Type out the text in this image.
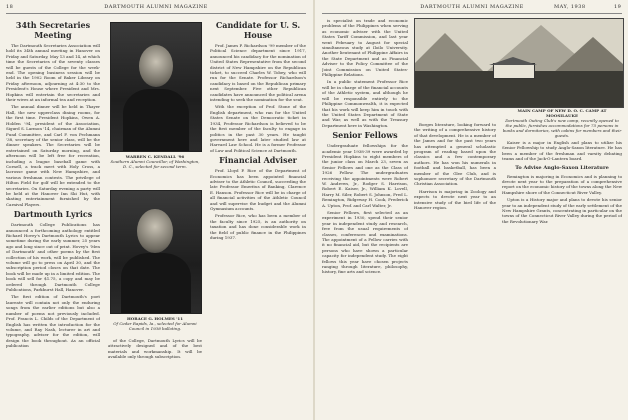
18	DARTMOUTH ALUMNI MAGAZINE
34th Secretaries Meeting

The Dartmouth Secretaries Association will hold its 34th annual meeting in Hanover on Friday and Saturday, May 13 and 14, at which time the Secretaries of the seventy classes will be guests of the College for the week-end. The opening business session will be held in the 1902 Room of Baker Library on Friday afternoon, adjourning at 4:30 to the President's House where President and Mrs. Hopkins will entertain the secretaries and their wives at an informal tea and reception.

The annual dinner will be held in Thayer Hall, the new upperclass dining rooms, for the first time. President Hopkins, Owen A. Holden '94, president of the Association, Sigurd S. Larmon '14, chairman of the Alumni Fund Committee, and Carl F. von Pechmann '38, secretary of the senior class, will be the dinner speakers. The Secretaries will be entertained on Saturday morning, and the afternoon will be left free for recreation, including a league baseball game with Cornell, a track meet with Holy Cross, a lacrosse game with New Hampshire, and various freshman contests. The privilege of Hilton Field for golf will be extended to the secretaries. On Saturday evening a party will be held at the Hanover Inn Ski Hut, with skating entertainment furnished by the Carnival Players.

Dartmouth Lyrics

Dartmouth College Publications has announced a forthcoming anthology entitled Richard Hovey's Dartmouth Lyrics to appear sometime during the early summer, 25 years ago and long since out of print. Hovey's 'Men of Dartmouth' and other poems by the first collection of his work, will be published. The volume will go to press on April 30, and the subscription period closes on that date. The book will be made up in a limited edition. The book will sell for $1.75, a copy and may be ordered through Dartmouth College Publications, Parkhurst Hall, Hanover.

The first edition of Dartmouth's poet laureate will contain not only the enduring songs from the earlier editions but also a number of poems not previously included. Prof. Francis L. Childs of the Department of English has written the introduction for the volume, and Ray Nash, lecturer in art and typography, adviser for the edition, will design the book throughout. As an official publication

WARREN C. KENDALL '96
Southern Alumni Councillor, of Washington, D. C., selected for second term.
HORACE G. HOLMES '11
Of Cedar Rapids, Ia., selected for Alumni Council in 1938 balloting.

of the College, Dartmouth Lyrics will be attractively designed and of the best materials and workmanship. It will be available only through subscription.

Candidate for U. S. House

Prof. James P. Richardson '99 member of the Political Science department since 1917, announced his candidacy for the nomination of United States Representative from the second district of New Hampshire on the Republican ticket, to succeed Charles W. Tobey, who will run for the Senate. Professor Richardson's candidacy is based on the Republican primary next September. Five other Republican candidates have announced the political arena intending to seek the nomination for the seat.

With the exception of Prof. Stone of the English department, who ran for the United States Senate on the Democratic ticket in 1934, Professor Richardson is believed to be the first member of the faculty to engage in politics in the past 30 years. He taught government here and later studied law at Harvard Law School. He is a former Professor of Law and Political Science at Dartmouth.

Financial Adviser

Prof. Lloyd P. Rice of the Department of Economics has been appointed financial adviser to the Athletic Council, succeeding the late Professor Emeritus of Banking, Clarence E. Hanson. Professor Rice will be in charge of all financial activities of the Athletic Council and will supervise the budget and the Alumni Gymnasium accounts.

Professor Rice, who has been a member of the faculty since 1925, is an authority on taxation and has done considerable work in the field of public finance in the Philippines during 1937.

DARTMOUTH ALUMNI MAGAZINE	MAY, 1938	19

is specialist on trade and economic problems of the Philippines when serving as economic adviser with the United States Tariff Commission, and last year went February to August for special simultaneous study at Iloilo University. Another lieutenant of Philippine Affairs in the State Department and as Financial Adviser to the Policy Committee of the Joint Commission on United States-Philippine Relations.

In a public statement Professor Rice will be in charge of the financial accounts of the Athletic system, and although he will be responsible entirely to the Philippine Commonwealth, it is expected that his work will keep him in touch with the United States Department of State and War, as well as with the Treasury Department here in Washington.

Senior Fellows

Undergraduate fellowships for the academic year 1938-39 were awarded by President Hopkins to eight members of the junior class on March 23, seven as Senior Fellows and one as the Class of 1926 Fellow. The undergraduates receiving the appointments were Robert W. Andrews, Jr., Rodger S. Harrison, Robert E. Kaiser, Jr., William K. Lovell, Harry M. Siler, Robert S. Johnson, Fred L. Remington, Ridgeway H. Cook, Frederick A. Upton, Prof. and Carl Walter, Jr.

Senior Fellows, first selected as an experiment in 1930, spend their senior year in independent study and research, free from the usual requirements of classes, conferences and examinations. The appointment of a Fellow carries with it no financial aid, but the recipients are persons who have shown a particular capacity for independent study. The eight fellows this year have chosen projects ranging through literature, philosophy, history, fine arts and science.

Borges literature, looking forward to the writing of a comprehensive history of that development. He is a member of the James and for the past two years has attempted a general scholastic program of reading based upon the classics and a few contemporary authors. He has won his numerals in football and basketball, has been a member of the Glee Club, and is sophomore secretary of the Dartmouth Christian Association.

Harrison is majoring in Zoology and expects to devote next year to an intensive study of the bird life of the Hanover region.

MAIN CAMP OF NEW D. O. C. CAMP AT MOOSILAUKE
Dartmouth Outing Club's new camp, recently opened to the public, furnishes accommodations for 75 persons in bunks and dormitories, with cabins for members and their guests.

Kaiser is a major in English and plans to utilize his Senior Fellowship to study Anglo-Saxon literature. He has been a member of the freshman and varsity debating teams and of the Jack-O-Lantern board.

To Advise Anglo-Saxon Literature

Remington is majoring in Economics and is planning to devote next year to the preparation of a comprehensive report on the economic history of the towns along the New Hampshire shore of the Connecticut River Valley.

Upton is a History major and plans to devote his senior year to an independent study of the early settlement of the New Hampshire Grants, concentrating in particular on the towns of the Connecticut River Valley during the period of the Revolutionary War.
